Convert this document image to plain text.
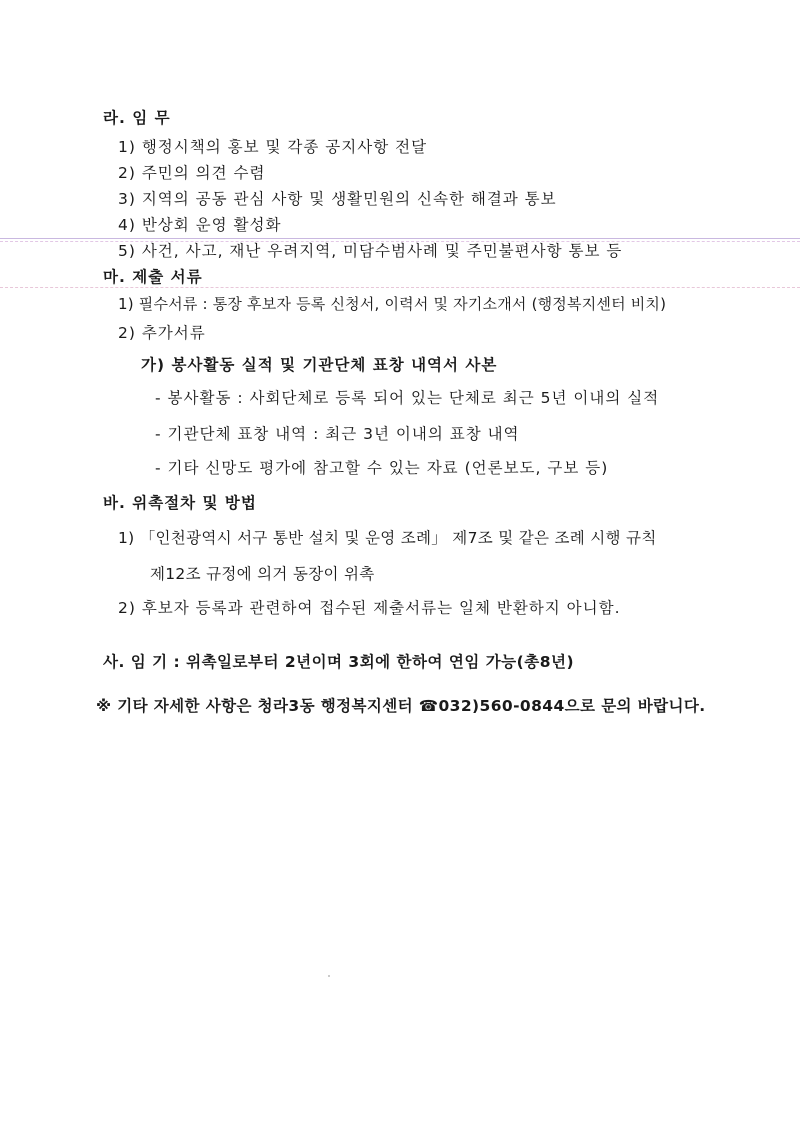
라. 임 무
1) 행정시책의 홍보 및 각종 공지사항 전달
2) 주민의 의견 수렴
3) 지역의 공동 관심 사항 및 생활민원의 신속한 해결과 통보
4) 반상회 운영 활성화
5) 사건, 사고, 재난 우려지역, 미담수범사례 및 주민불편사항 통보 등
마. 제출 서류
1) 필수서류 : 통장 후보자 등록 신청서, 이력서 및 자기소개서 (행정복지센터 비치)
2) 추가서류
가) 봉사활동 실적 및 기관단체 표창 내역서 사본
- 봉사활동 : 사회단체로 등록 되어 있는 단체로 최근 5년 이내의 실적
- 기관단체 표창 내역 : 최근 3년 이내의 표창 내역
- 기타 신망도 평가에 참고할 수 있는 자료 (언론보도, 구보 등)
바. 위촉절차 및 방법
1) 「인천광역시 서구 통반 설치 및 운영 조례」 제7조 및 같은 조례 시행 규칙
제12조 규정에 의거 동장이 위촉
2) 후보자 등록과 관련하여 접수된 제출서류는 일체 반환하지 아니함.
사. 임 기 : 위촉일로부터 2년이며 3회에 한하여 연임 가능(총8년)
※ 기타 자세한 사항은 청라3동 행정복지센터 ☎032)560-0844으로 문의 바랍니다.
